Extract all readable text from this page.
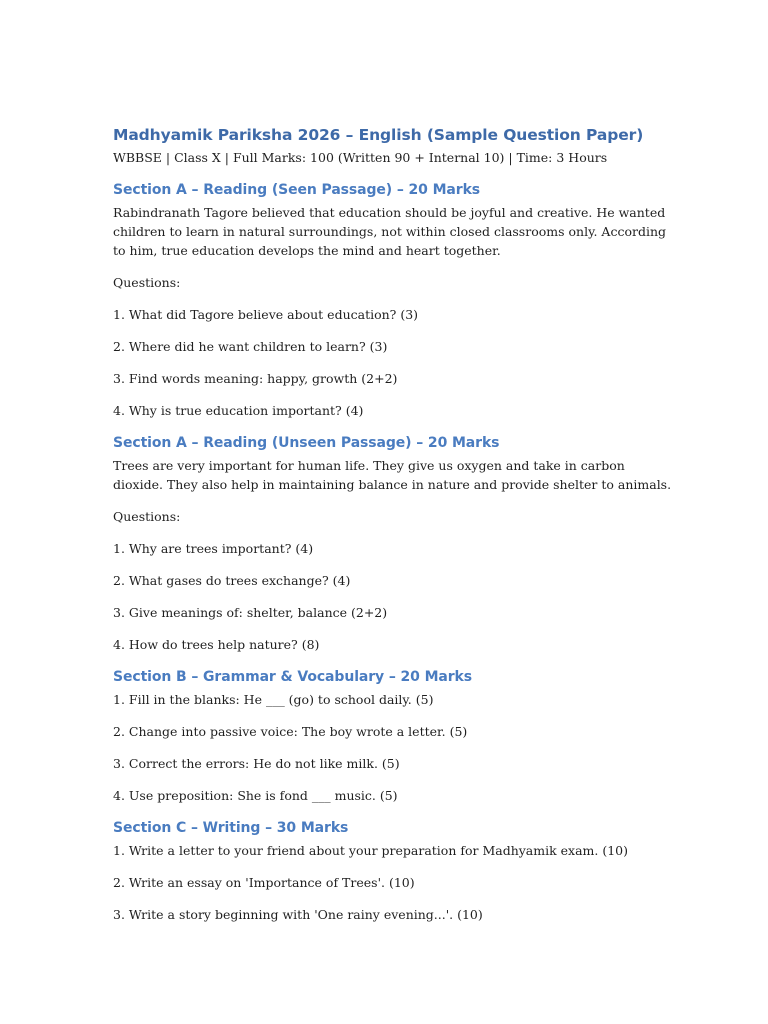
Madhyamik Pariksha 2026 – English (Sample Question Paper)

WBBSE | Class X | Full Marks: 100 (Written 90 + Internal 10) | Time: 3 Hours

Section A – Reading (Seen Passage) – 20 Marks

Rabindranath Tagore believed that education should be joyful and creative. He wanted children to learn in natural surroundings, not within closed classrooms only. According to him, true education develops the mind and heart together.

Questions:

1. What did Tagore believe about education? (3)

2. Where did he want children to learn? (3)

3. Find words meaning: happy, growth (2+2)

4. Why is true education important? (4)

Section A – Reading (Unseen Passage) – 20 Marks

Trees are very important for human life. They give us oxygen and take in carbon dioxide. They also help in maintaining balance in nature and provide shelter to animals.

Questions:

1. Why are trees important? (4)

2. What gases do trees exchange? (4)

3. Give meanings of: shelter, balance (2+2)

4. How do trees help nature? (8)

Section B – Grammar & Vocabulary – 20 Marks

1. Fill in the blanks: He ___ (go) to school daily. (5)

2. Change into passive voice: The boy wrote a letter. (5)

3. Correct the errors: He do not like milk. (5)

4. Use preposition: She is fond ___ music. (5)

Section C – Writing – 30 Marks

1. Write a letter to your friend about your preparation for Madhyamik exam. (10)

2. Write an essay on 'Importance of Trees'. (10)

3. Write a story beginning with 'One rainy evening...'. (10)
